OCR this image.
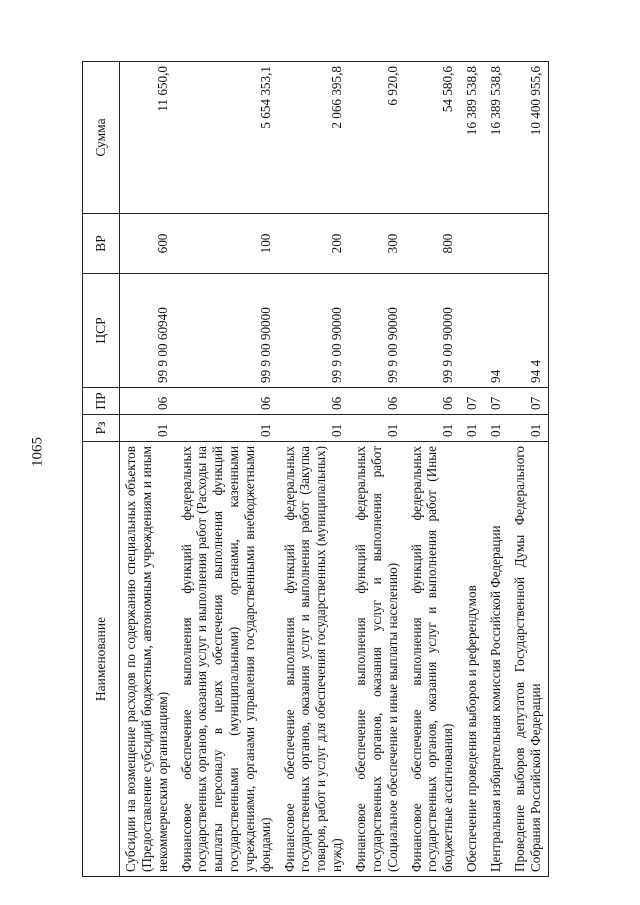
1065
Наименование	Рз	ПР	ЦСР	ВР	Сумма
Субсидии на возмещение расходов по содержанию специальных объектов (Предоставление субсидий бюджетным, автономным учреждениям и иным некоммерческим организациям)	01	06	99 9 00 60940	600	11 650,0
Финансовое обеспечение выполнения функций федеральных государственных органов, оказания услуг и выполнения работ (Расходы на выплаты персоналу в целях обеспечения выполнения функций государственными (муниципальными) органами, казенными учреждениями, органами управления государственными внебюджетными фондами)	01	06	99 9 00 90000	100	5 654 353,1
Финансовое обеспечение выполнения функций федеральных государственных органов, оказания услуг и выполнения работ (Закупка товаров, работ и услуг для обеспечения государственных (муниципальных) нужд)	01	06	99 9 00 90000	200	2 066 395,8
Финансовое обеспечение выполнения функций федеральных государственных органов, оказания услуг и выполнения работ (Социальное обеспечение и иные выплаты населению)	01	06	99 9 00 90000	300	6 920,0
Финансовое обеспечение выполнения функций федеральных государственных органов, оказания услуг и выполнения работ (Иные бюджетные ассигнования)	01	06	99 9 00 90000	800	54 580,6
Обеспечение проведения выборов и референдумов	01	07			16 389 538,8
Центральная избирательная комиссия Российской Федерации	01	07	94		16 389 538,8
Проведение выборов депутатов Государственной Думы Федерального Собрания Российской Федерации	01	07	94 4		10 400 955,6
